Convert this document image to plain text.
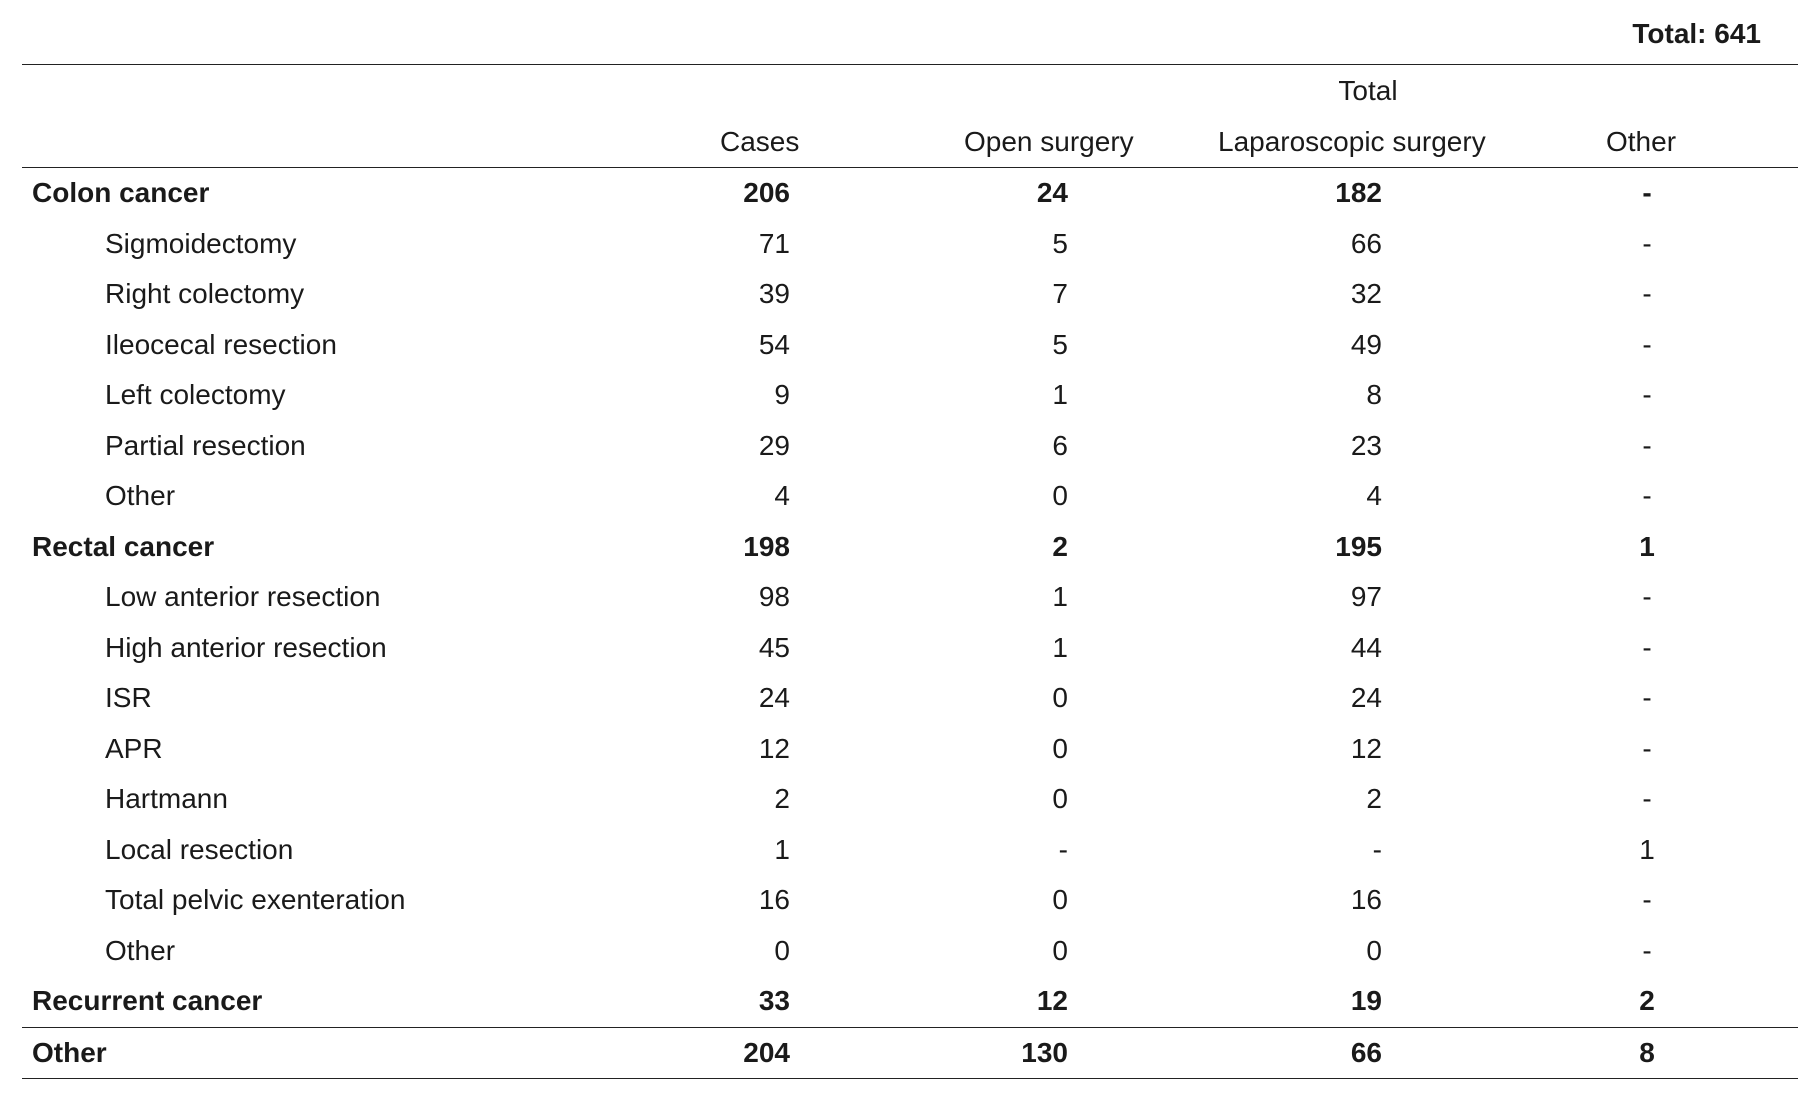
Total: 641
Total
Cases	Open surgery	Laparoscopic surgery	Other
Colon cancer	206	24	182	-
Sigmoidectomy	71	5	66	-
Right colectomy	39	7	32	-
Ileocecal resection	54	5	49	-
Left colectomy	9	1	8	-
Partial resection	29	6	23	-
Other	4	0	4	-
Rectal cancer	198	2	195	1
Low anterior resection	98	1	97	-
High anterior resection	45	1	44	-
ISR	24	0	24	-
APR	12	0	12	-
Hartmann	2	0	2	-
Local resection	1	-	-	1
Total pelvic exenteration	16	0	16	-
Other	0	0	0	-
Recurrent cancer	33	12	19	2
Other	204	130	66	8
